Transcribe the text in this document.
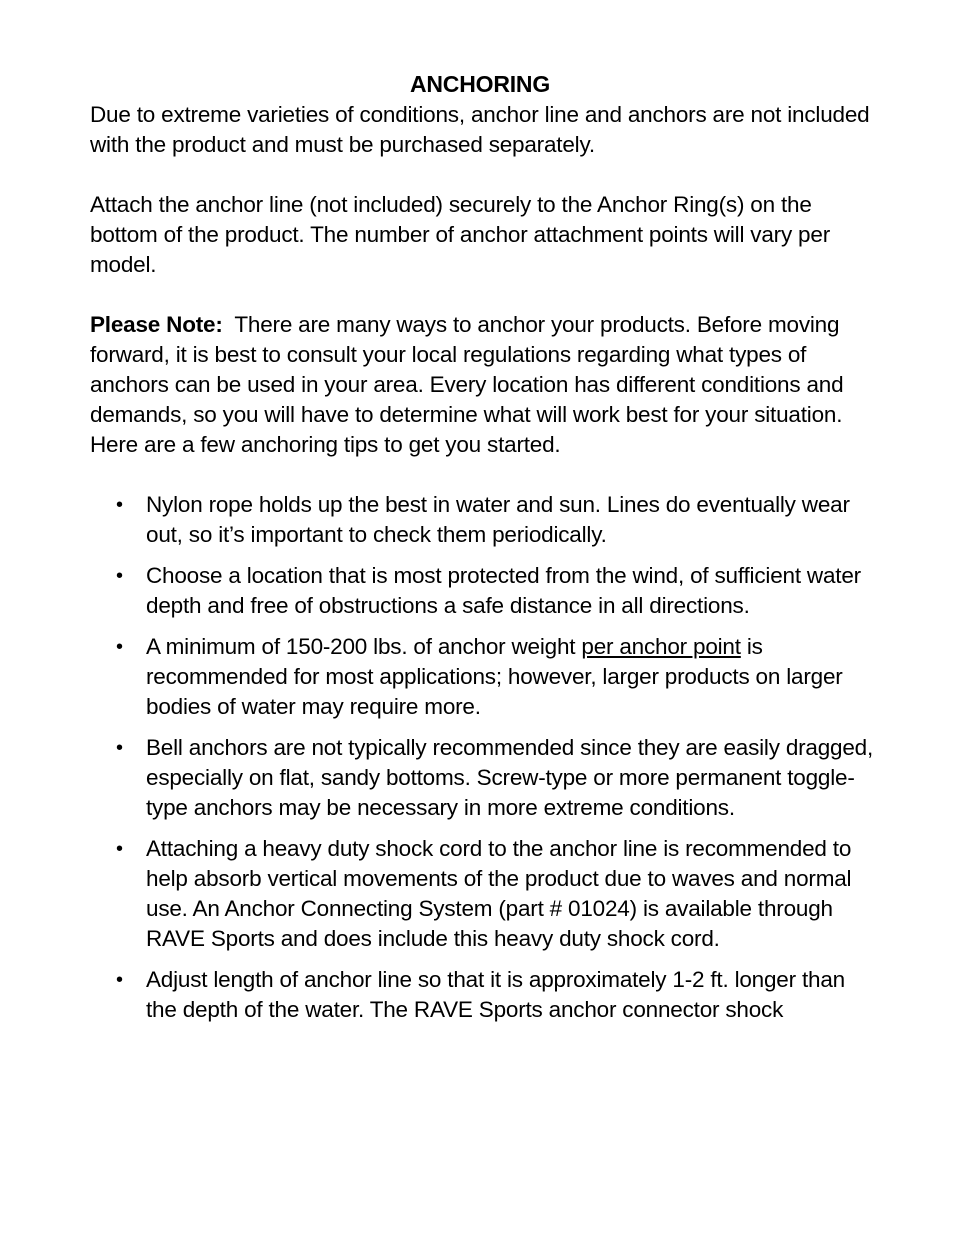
ANCHORING

Due to extreme varieties of conditions, anchor line and anchors are not included with the product and must be purchased separately.

Attach the anchor line (not included) securely to the Anchor Ring(s) on the bottom of the product. The number of anchor attachment points will vary per model.

Please Note: There are many ways to anchor your products. Before moving forward, it is best to consult your local regulations regarding what types of anchors can be used in your area. Every location has different conditions and demands, so you will have to determine what will work best for your situation. Here are a few anchoring tips to get you started.

• Nylon rope holds up the best in water and sun. Lines do eventually wear out, so it’s important to check them periodically.
• Choose a location that is most protected from the wind, of sufficient water depth and free of obstructions a safe distance in all directions.
• A minimum of 150-200 lbs. of anchor weight per anchor point is recommended for most applications; however, larger products on larger bodies of water may require more.
• Bell anchors are not typically recommended since they are easily dragged, especially on flat, sandy bottoms. Screw-type or more permanent toggle-type anchors may be necessary in more extreme conditions.
• Attaching a heavy duty shock cord to the anchor line is recommended to help absorb vertical movements of the product due to waves and normal use. An Anchor Connecting System (part # 01024) is available through RAVE Sports and does include this heavy duty shock cord.
• Adjust length of anchor line so that it is approximately 1-2 ft. longer than the depth of the water. The RAVE Sports anchor connector shock
